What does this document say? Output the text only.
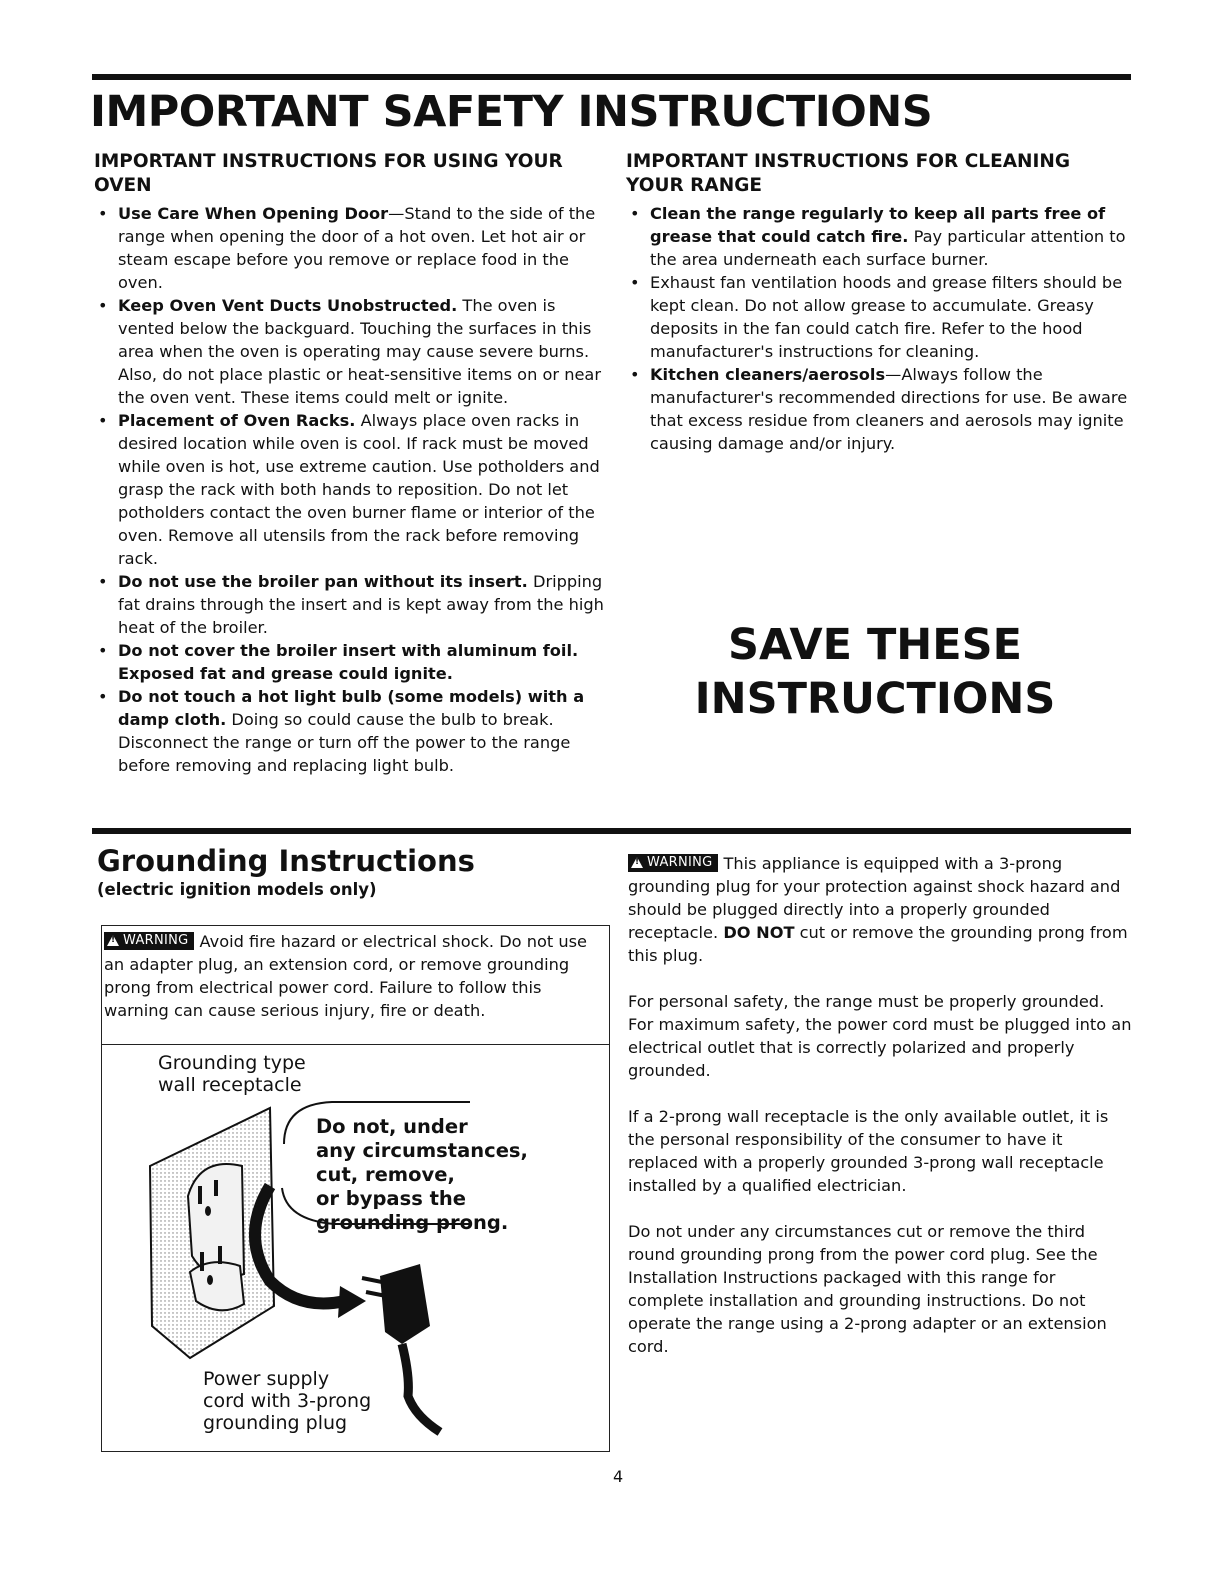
IMPORTANT SAFETY INSTRUCTIONS
IMPORTANT INSTRUCTIONS FOR USING YOUR OVEN
• Use Care When Opening Door—Stand to the side of the range when opening the door of a hot oven. Let hot air or steam escape before you remove or replace food in the oven.
• Keep Oven Vent Ducts Unobstructed. The oven is vented below the backguard. Touching the surfaces in this area when the oven is operating may cause severe burns. Also, do not place plastic or heat-sensitive items on or near the oven vent. These items could melt or ignite.
• Placement of Oven Racks. Always place oven racks in desired location while oven is cool. If rack must be moved while oven is hot, use extreme caution. Use potholders and grasp the rack with both hands to reposition. Do not let potholders contact the oven burner flame or interior of the oven. Remove all utensils from the rack before removing rack.
• Do not use the broiler pan without its insert. Dripping fat drains through the insert and is kept away from the high heat of the broiler.
• Do not cover the broiler insert with aluminum foil. Exposed fat and grease could ignite.
• Do not touch a hot light bulb (some models) with a damp cloth. Doing so could cause the bulb to break. Disconnect the range or turn off the power to the range before removing and replacing light bulb.
IMPORTANT INSTRUCTIONS FOR CLEANING YOUR RANGE
• Clean the range regularly to keep all parts free of grease that could catch fire. Pay particular attention to the area underneath each surface burner.
• Exhaust fan ventilation hoods and grease filters should be kept clean. Do not allow grease to accumulate. Greasy deposits in the fan could catch fire. Refer to the hood manufacturer's instructions for cleaning.
• Kitchen cleaners/aerosols—Always follow the manufacturer's recommended directions for use. Be aware that excess residue from cleaners and aerosols may ignite causing damage and/or injury.
SAVE THESE
INSTRUCTIONS
Grounding Instructions
(electric ignition models only)
!
WARNING Avoid fire hazard or electrical shock. Do not use an adapter plug, an extension cord, or remove grounding prong from electrical power cord. Failure to follow this warning can cause serious injury, fire or death.
Grounding type
wall receptacle
Do not, under
any circumstances,
cut, remove,
or bypass the
grounding prong.
Power supply
cord with 3-prong
grounding plug

!
WARNING This appliance is equipped with a 3-prong grounding plug for your protection against shock hazard and should be plugged directly into a properly grounded receptacle. DO NOT cut or remove the grounding prong from this plug.

For personal safety, the range must be properly grounded. For maximum safety, the power cord must be plugged into an electrical outlet that is correctly polarized and properly grounded.

If a 2-prong wall receptacle is the only available outlet, it is the personal responsibility of the consumer to have it replaced with a properly grounded 3-prong wall receptacle installed by a qualified electrician.

Do not under any circumstances cut or remove the third round grounding prong from the power cord plug. See the Installation Instructions packaged with this range for complete installation and grounding instructions. Do not operate the range using a 2-prong adapter or an extension cord.

4
